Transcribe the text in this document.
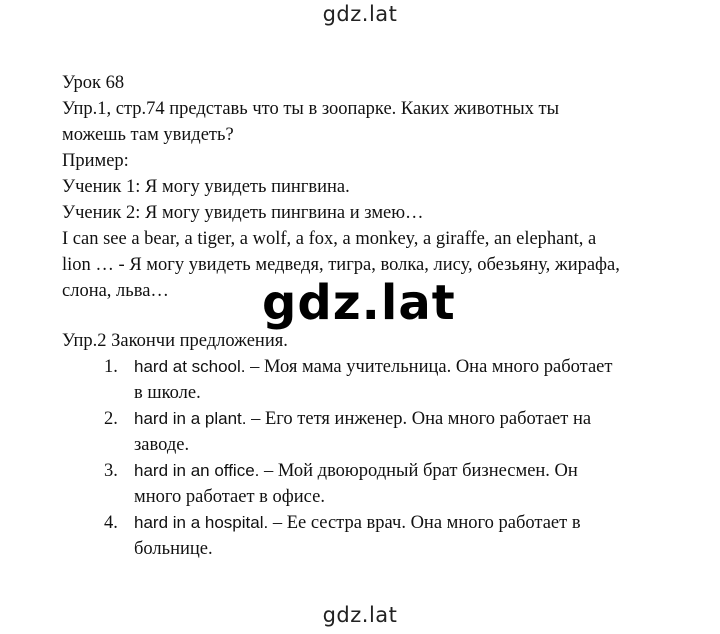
gdz.lat

Урок 68

Упр.1, стр.74 представь что ты в зоопарке. Каких животных ты

можешь там увидеть?

Пример:

Ученик 1: Я могу увидеть пингвина.

Ученик 2: Я могу увидеть пингвина и змею…

I can see a bear, a tiger, a wolf, a fox, a monkey, a giraffe, an elephant, a

lion … - Я могу увидеть медведя, тигра, волка, лису, обезьяну, жирафа,

слона, льва…

Упр.2 Закончи предложения.

1. hard at school. – Моя мама учительница. Она много работает
в школе.
2. hard in a plant. – Его тетя инженер. Она много работает на
заводе.
3. hard in an office. – Мой двоюродный брат бизнесмен. Он
много работает в офисе.
4. hard in a hospital. – Ее сестра врач. Она много работает в
больнице.
gdz.lat
gdz.lat
